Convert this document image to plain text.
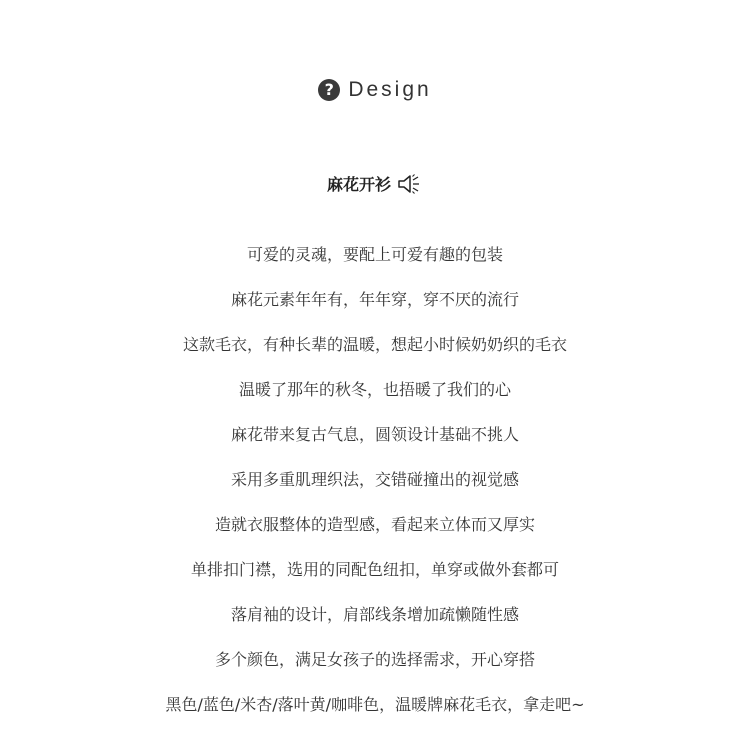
? Design
麻花开衫
可爱的灵魂，要配上可爱有趣的包装
麻花元素年年有，年年穿，穿不厌的流行
这款毛衣，有种长辈的温暖，想起小时候奶奶织的毛衣
温暖了那年的秋冬，也捂暖了我们的心
麻花带来复古气息，圆领设计基础不挑人
采用多重肌理织法，交错碰撞出的视觉感
造就衣服整体的造型感，看起来立体而又厚实
单排扣门襟，选用的同配色纽扣，单穿或做外套都可
落肩袖的设计，肩部线条增加疏懒随性感
多个颜色，满足女孩子的选择需求，开心穿搭
黑色/蓝色/米杏/落叶黄/咖啡色，温暖牌麻花毛衣，拿走吧~
